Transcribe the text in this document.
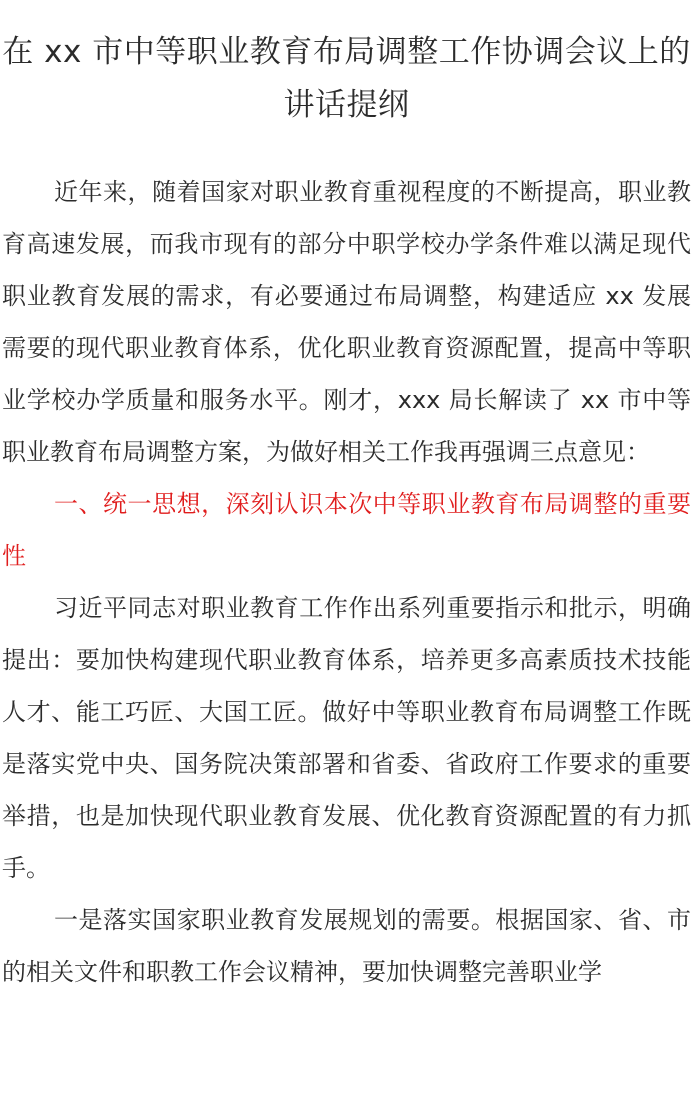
在 xx 市中等职业教育布局调整工作协调会议上的讲话提纲

近年来，随着国家对职业教育重视程度的不断提高，职业教育高速发展，而我市现有的部分中职学校办学条件难以满足现代职业教育发展的需求，有必要通过布局调整，构建适应 xx 发展需要的现代职业教育体系，优化职业教育资源配置，提高中等职业学校办学质量和服务水平。刚才，xxx 局长解读了 xx 市中等职业教育布局调整方案，为做好相关工作我再强调三点意见：

一、统一思想，深刻认识本次中等职业教育布局调整的重要性

习近平同志对职业教育工作作出系列重要指示和批示，明确提出：要加快构建现代职业教育体系，培养更多高素质技术技能人才、能工巧匠、大国工匠。做好中等职业教育布局调整工作既是落实党中央、国务院决策部署和省委、省政府工作要求的重要举措，也是加快现代职业教育发展、优化教育资源配置的有力抓手。

一是落实国家职业教育发展规划的需要。根据国家、省、市的相关文件和职教工作会议精神，要加快调整完善职业学
